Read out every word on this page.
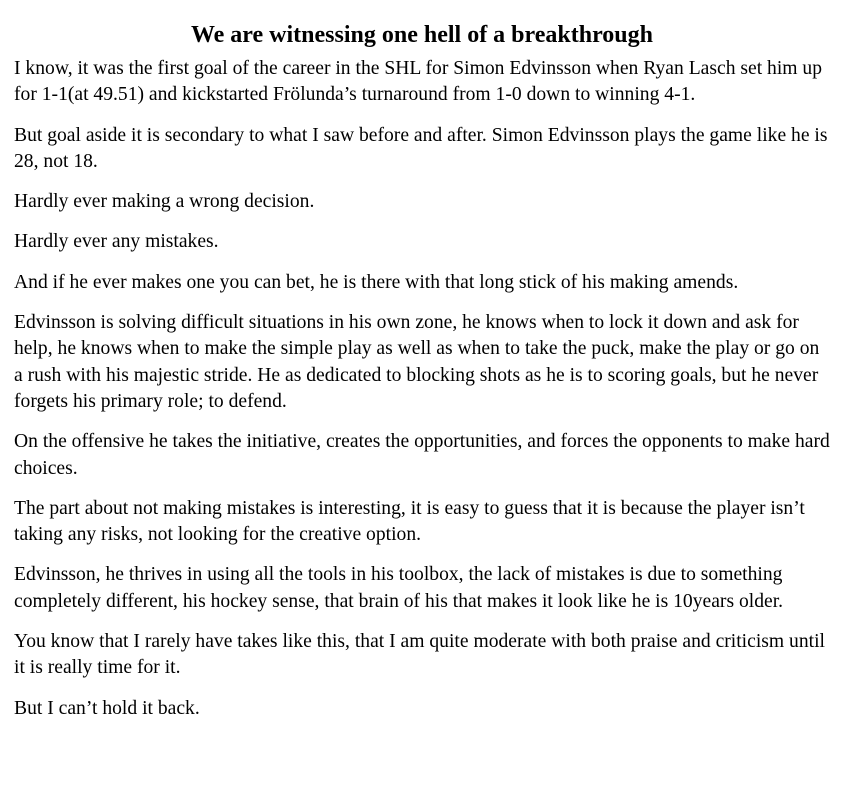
We are witnessing one hell of a breakthrough

I know, it was the first goal of the career in the SHL for Simon Edvinsson when Ryan Lasch set him up for 1-1(at 49.51) and kickstarted Frölunda’s turnaround from 1-0 down to winning 4-1.

But goal aside it is secondary to what I saw before and after. Simon Edvinsson plays the game like he is 28, not 18.

Hardly ever making a wrong decision.

Hardly ever any mistakes.

And if he ever makes one you can bet, he is there with that long stick of his making amends.

Edvinsson is solving difficult situations in his own zone, he knows when to lock it down and ask for help, he knows when to make the simple play as well as when to take the puck, make the play or go on a rush with his majestic stride. He as dedicated to blocking shots as he is to scoring goals, but he never forgets his primary role; to defend.

On the offensive he takes the initiative, creates the opportunities, and forces the opponents to make hard choices.

The part about not making mistakes is interesting, it is easy to guess that it is because the player isn’t taking any risks, not looking for the creative option.

Edvinsson, he thrives in using all the tools in his toolbox, the lack of mistakes is due to something completely different, his hockey sense, that brain of his that makes it look like he is 10years older.

You know that I rarely have takes like this, that I am quite moderate with both praise and criticism until it is really time for it.

But I can’t hold it back.
